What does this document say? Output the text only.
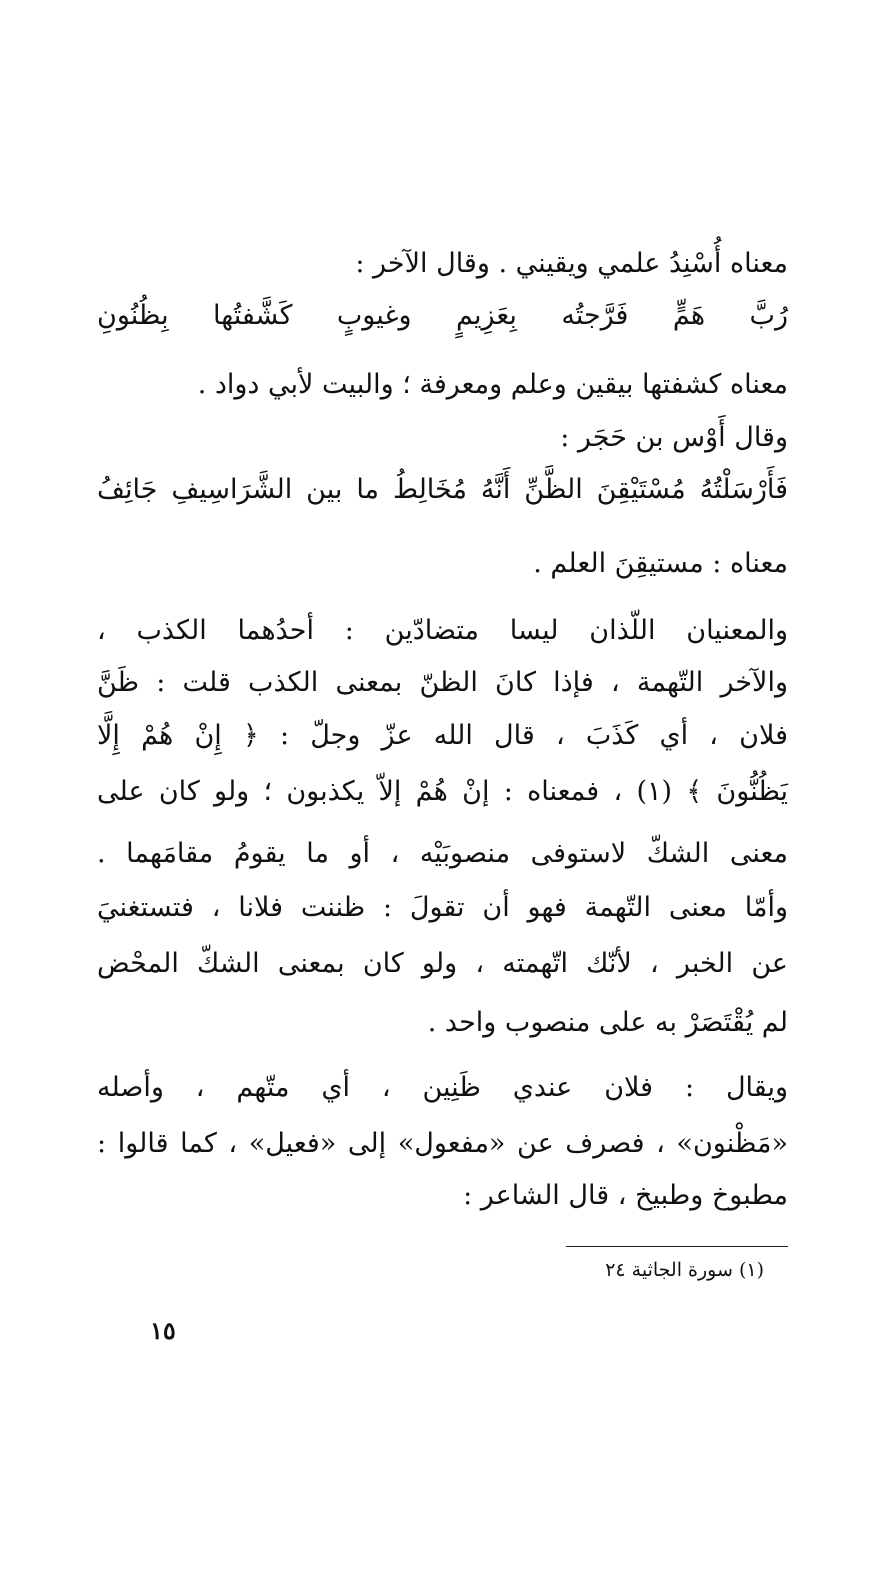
معناه أُسْنِدُ علمي ويقيني . وقال الآخر :
رُبَّ هَمٍّ فَرَّجتُه بِعَزِيمٍ وغيوبٍ كَشَّفتُها بِظُنُونِ
معناه كشفتها بيقين وعلم ومعرفة ؛ والبيت لأبي دواد .
وقال أَوْس بن حَجَر :
فَأَرْسَلْتُهُ مُسْتَيْقِنَ الظَّنِّ أَنَّهُ مُخَالِطُ ما بين الشَّرَاسِيفِ جَائِفُ
معناه : مستيقِنَ العلم .
والمعنيان اللّذان ليسا متضادّين : أحدُهما الكذب ،
والآخر التّهمة ، فإذا كانَ الظنّ بمعنى الكذب قلت : ظَنَّ
فلان ، أي كَذَبَ ، قال الله عزّ وجلّ : ﴿ إِنْ هُمْ إِلَّا
يَظُنُّونَ ﴾ (١) ، فمعناه : إنْ هُمْ إلاّ يكذبون ؛ ولو كان على
معنى الشكّ لاستوفى منصوبَيْه ، أو ما يقومُ مقامَهما .
وأمّا معنى التّهمة فهو أن تقولَ : ظننت فلانا ، فتستغنيَ
عن الخبر ، لأنّك اتّهمته ، ولو كان بمعنى الشكّ المحْض
لم يُقْتَصَرْ به على منصوب واحد .
ويقال : فلان عندي ظَنِين ، أي متّهم ، وأصله
«مَظْنون» ، فصرف عن «مفعول» إلى «فعيل» ، كما قالوا :
مطبوخ وطبيخ ، قال الشاعر :
(١) سورة الجاثية ٢٤
١٥
